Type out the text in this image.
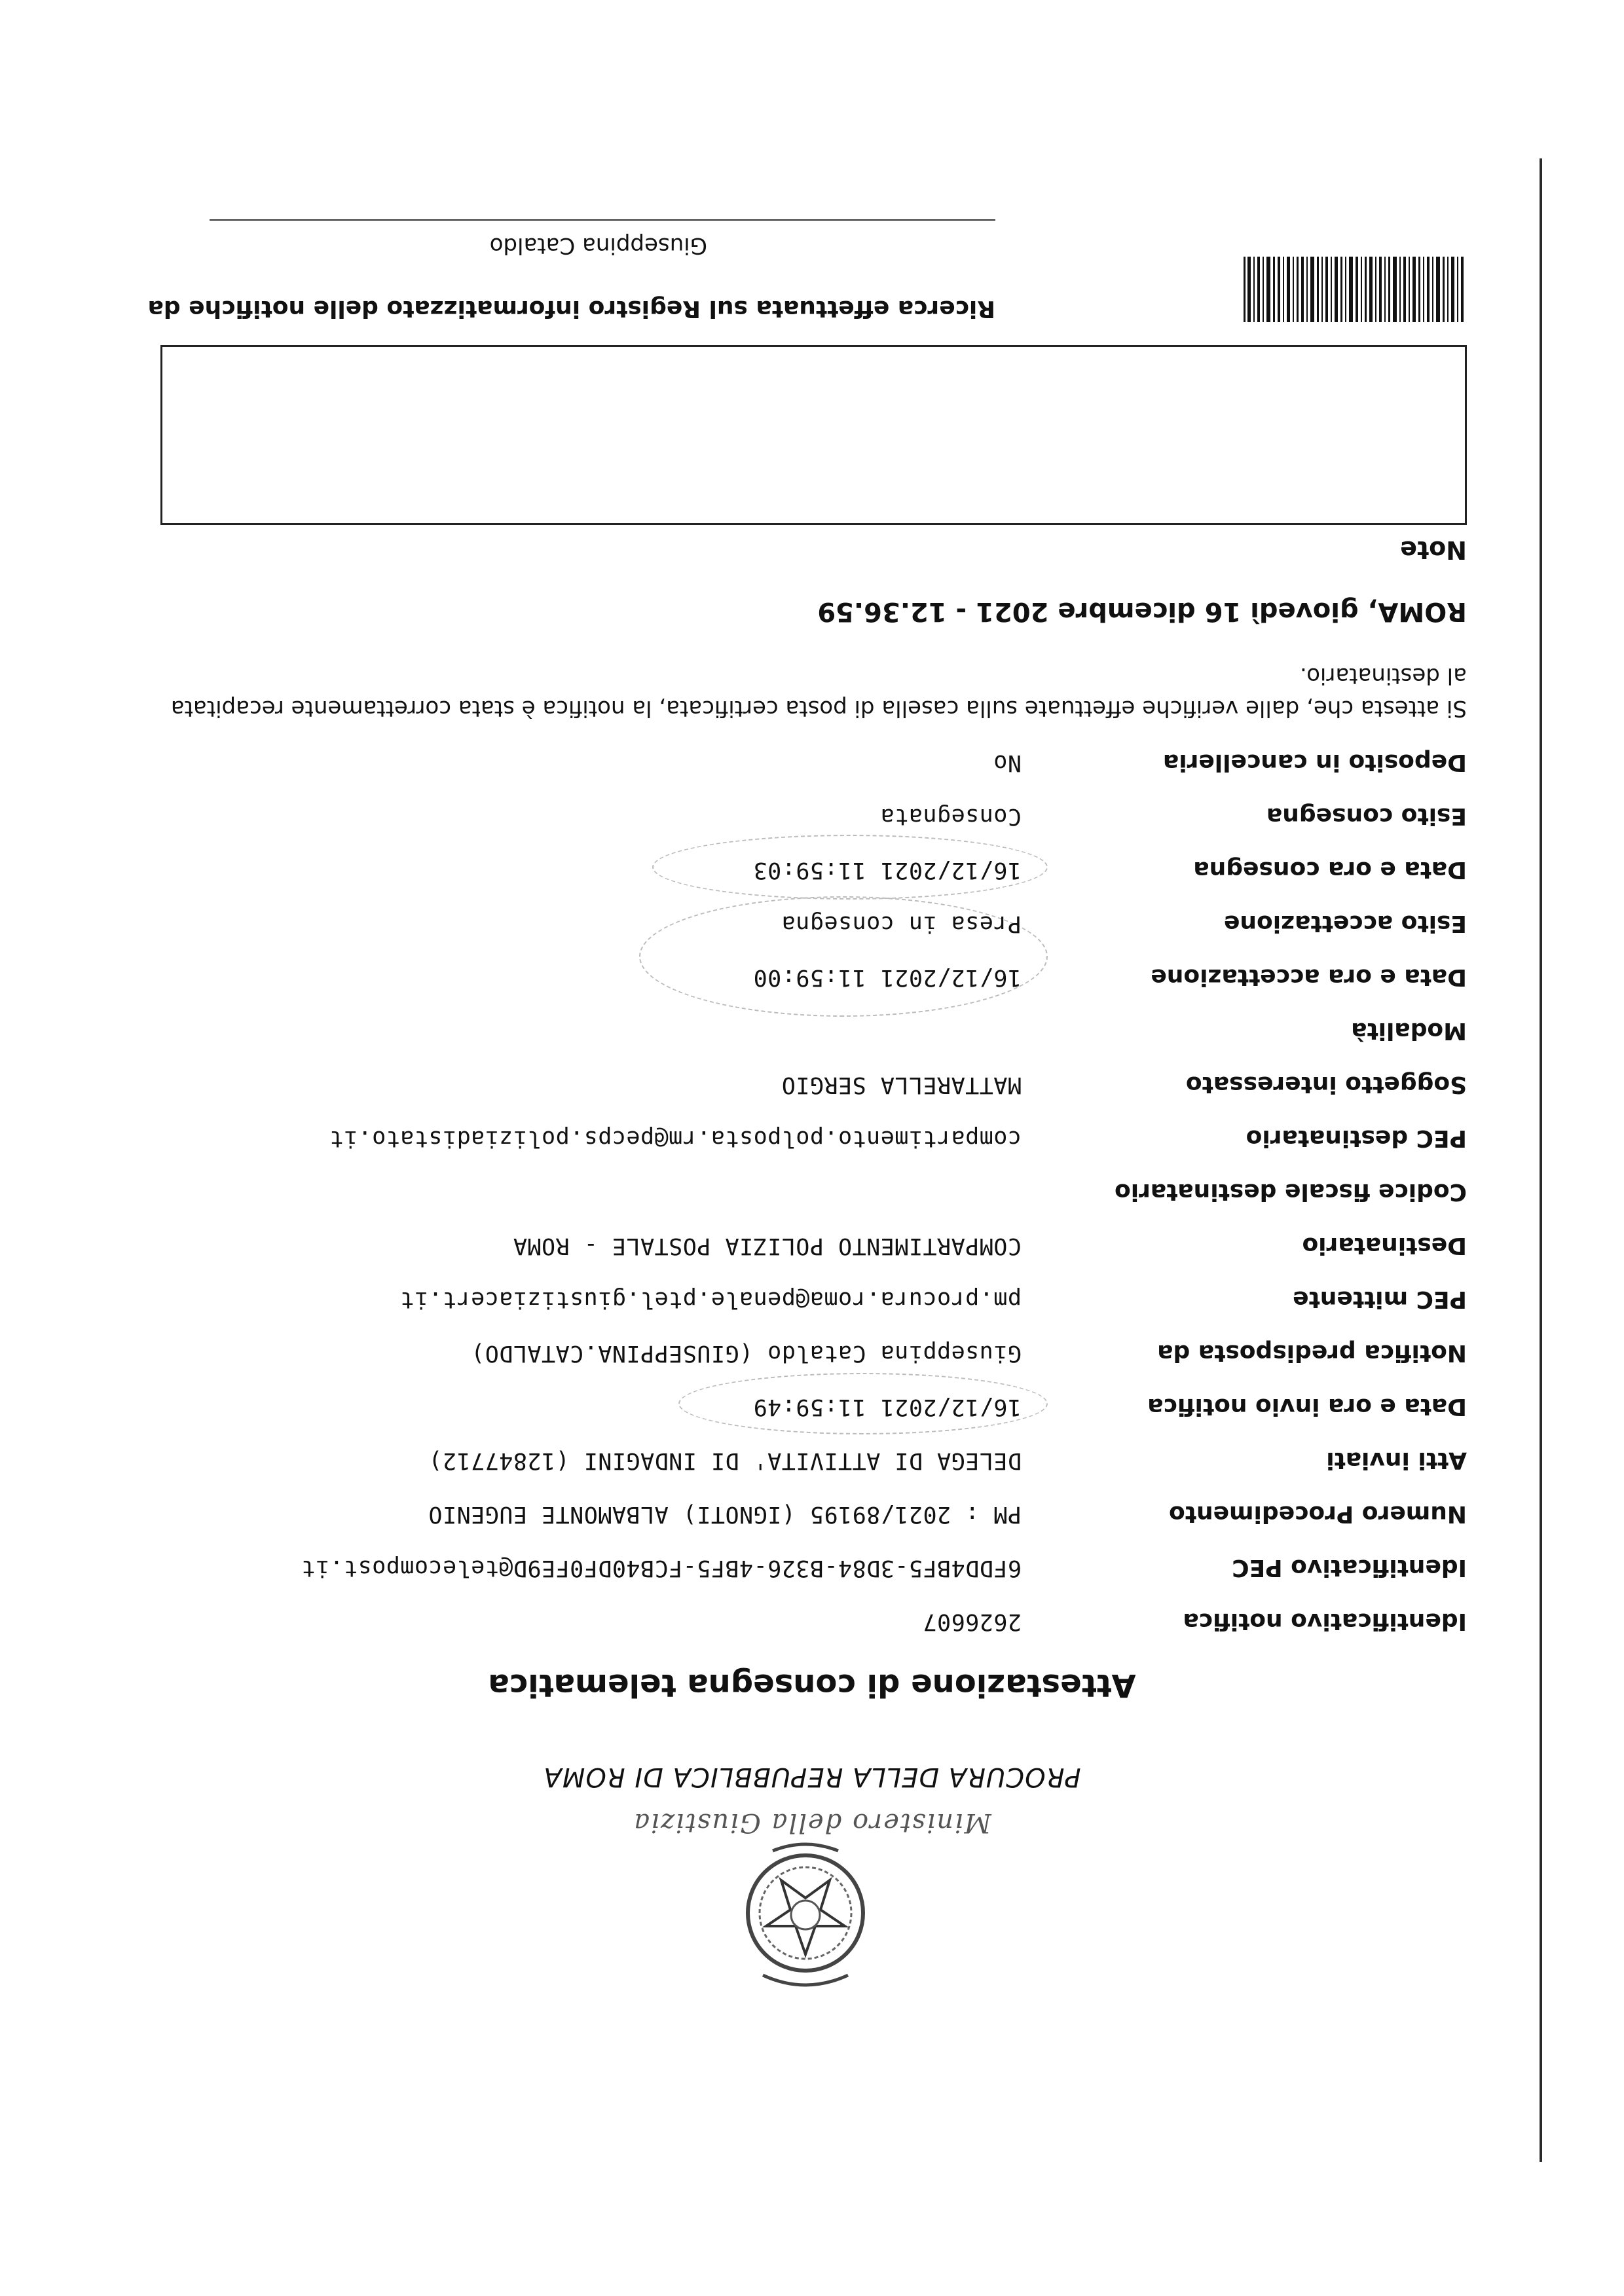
Ministero della Giustizia
PROCURA DELLA REPUBBLICA DI ROMA
Attestazione di consegna telematica
Identificativo notifica
2626607
Identificativo PEC
6FDD4BF5-3D84-B326-4BF5-FCB40DF0FE9D@telecompost.it
Numero Procedimento
PM : 2021/89195 (IGNOTI) ALBAMONTE EUGENIO
Atti inviati
DELEGA DI ATTIVITA' DI INDAGINI (12847712)
Data e ora invio notifica
16/12/2021 11:59:49
Notifica predisposta da
Giuseppina Cataldo (GIUSEPPINA.CATALDO)
PEC mittente
pm.procura.roma@penale.ptel.giustiziacert.it
Destinatario
COMPARTIMENTO POLIZIA POSTALE - ROMA
Codice fiscale destinatario
PEC destinatario
compartimento.polposta.rm@pecps.poliziadistato.it
Soggetto interessato
MATTARELLA SERGIO
Modalità
Data e ora accettazione
16/12/2021 11:59:00
Esito accettazione
Presa in consegna
Data e ora consegna
16/12/2021 11:59:03
Esito consegna
Consegnata
Deposito in cancelleria
No
Si attesta che, dalle verifiche effettuate sulla casella di posta certificata, la notifica è stata correttamente recapitata al destinatario.
ROMA, giovedì 16 dicembre 2021 - 12.36.59
Note
Ricerca effettuata sul Registro informatizzato delle notifiche da
Giuseppina Cataldo
